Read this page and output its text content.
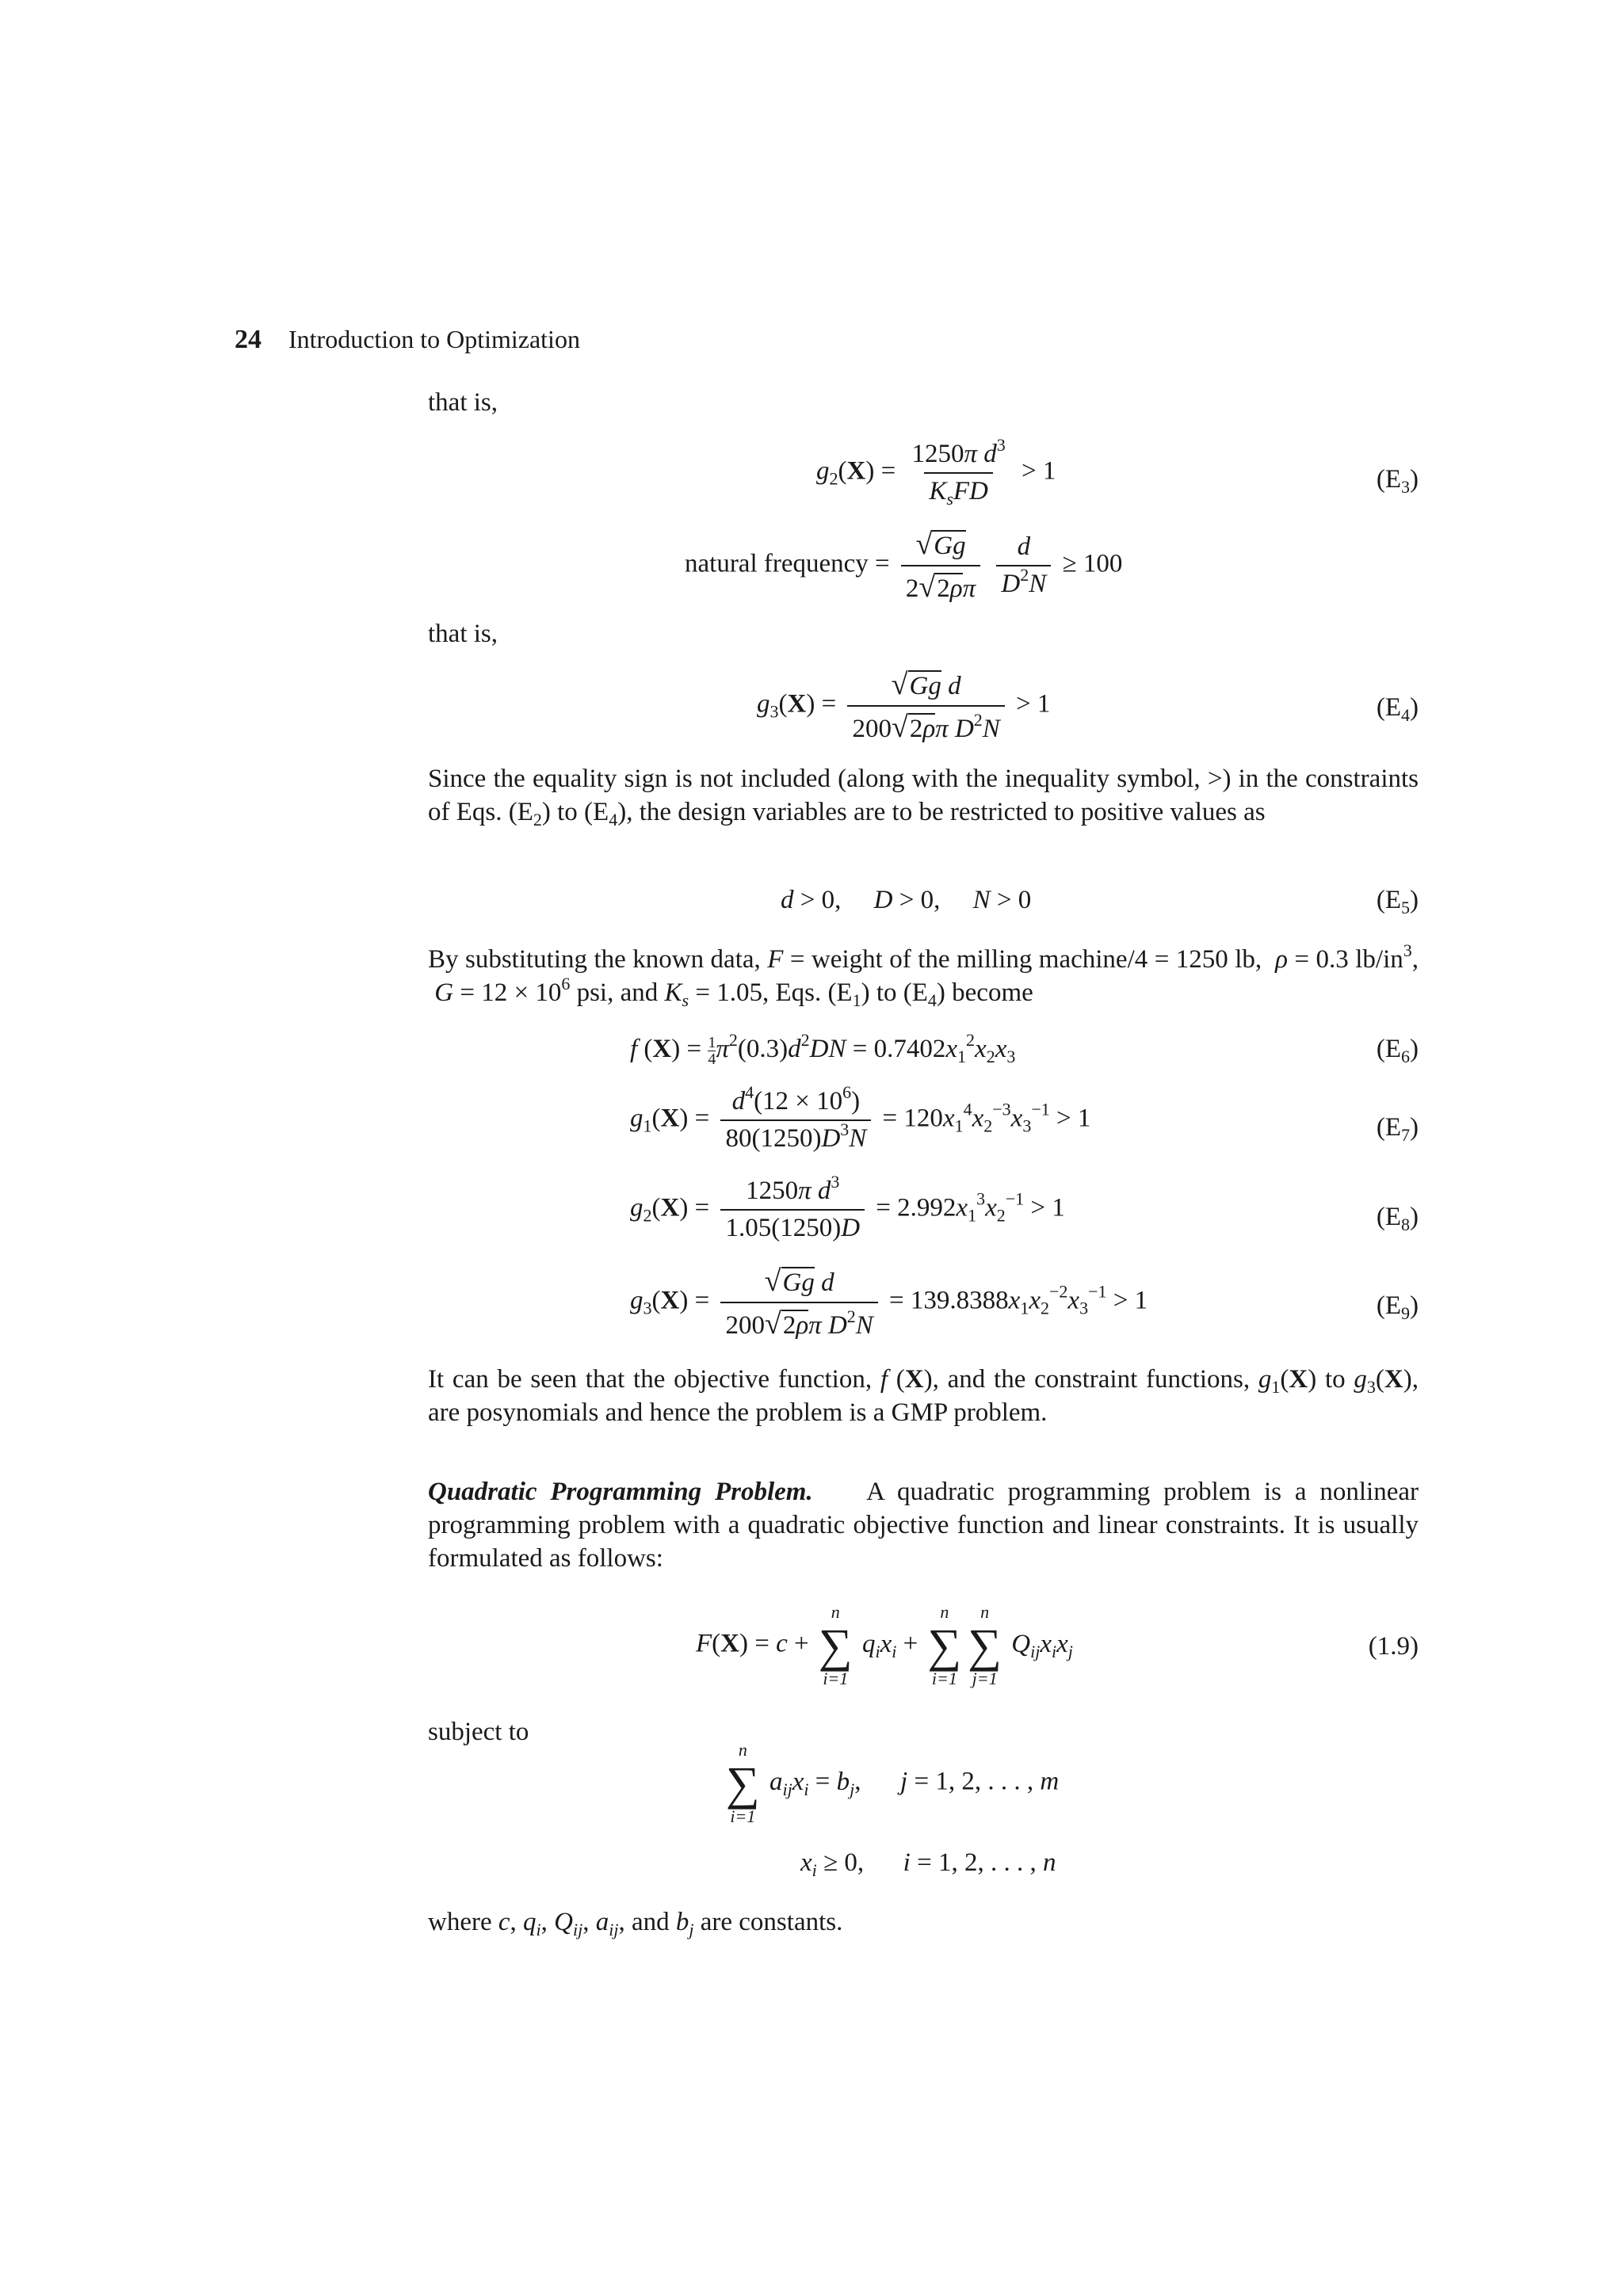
24 Introduction to Optimization
that is,
$g_2(X) = \frac{1250\pi d^3}{K_sFD} > 1$	$(E_3)$
natural frequency = $\frac{√Gg}{2√2\rho\pi}$
$\frac{d}{D^2N} \ge 100$
that is,
$g_3(X) = \frac{\text{√Gg d}}{200√2\rho\pi D^2N} > 1$	$(E_4)$
Since the equality sign is not included (along with the inequality symbol, >) in the constraints of Eqs. $(E_2)$ to $(E_4)$, the design variables are to be restricted to positive values as
d > 0,     D > 0,     N > 0	$(E_5)$
By substituting the known data, F = weight of the milling machine/4 = 1250 lb,  ρ = 0.3 $lb/in^3$,  $G = 12 \times 10^6$ psi, and $K_s = 1.05$, Eqs. $(E_1)$ to $(E_4)$ become
f $(X) = \frac{1}{4} \pi^2(0.3)d^2DN = 0.7402x_1^2x_2x_3$	$(E_6)$
$g_1(X) = \frac{d^4(12 \times 10^6)}{80(1250)D^3N} = 120x_1^4x_2^{-3}x_3^{-1} > 1$	$(E_7)$
$g_2(X) = \frac{1250\pi d^3}{1.05(1250)D} = 2.992x_1^3x_2^{-1} > 1$	$(E_8)$
$g_3(X) = \frac{\text{√Gg d}}{200√2\rho\pi D^2N} = 139.8388x_1x_2^{-2}x_3^{-1} > 1$	$(E_9)$
It can be seen that the objective function, f (X), and the constraint functions, $g_1(X)$ to $g_3(X)$, are posynomials and hence the problem is a GMP problem.
Quadratic Programming Problem. A quadratic programming problem is a nonlinear programming problem with a quadratic objective function and linear constraints. It is usually formulated as follows:
F(X) = c +
n
∑
i=1
$q_ix_i$ +
n
∑
i=1
n
∑
j=1
$Q_{ij}x_ix_j$	(1.9)
subject to
n
∑
i=1
$a_{ij}x_i = b_j$,      j = 1, 2, . . . , m
$x_i \ge 0$,      i = 1, 2, . . . , n
where c, $q_i$, $Q_{ij}$, $a_{ij}$, and $b_j$ are constants.
